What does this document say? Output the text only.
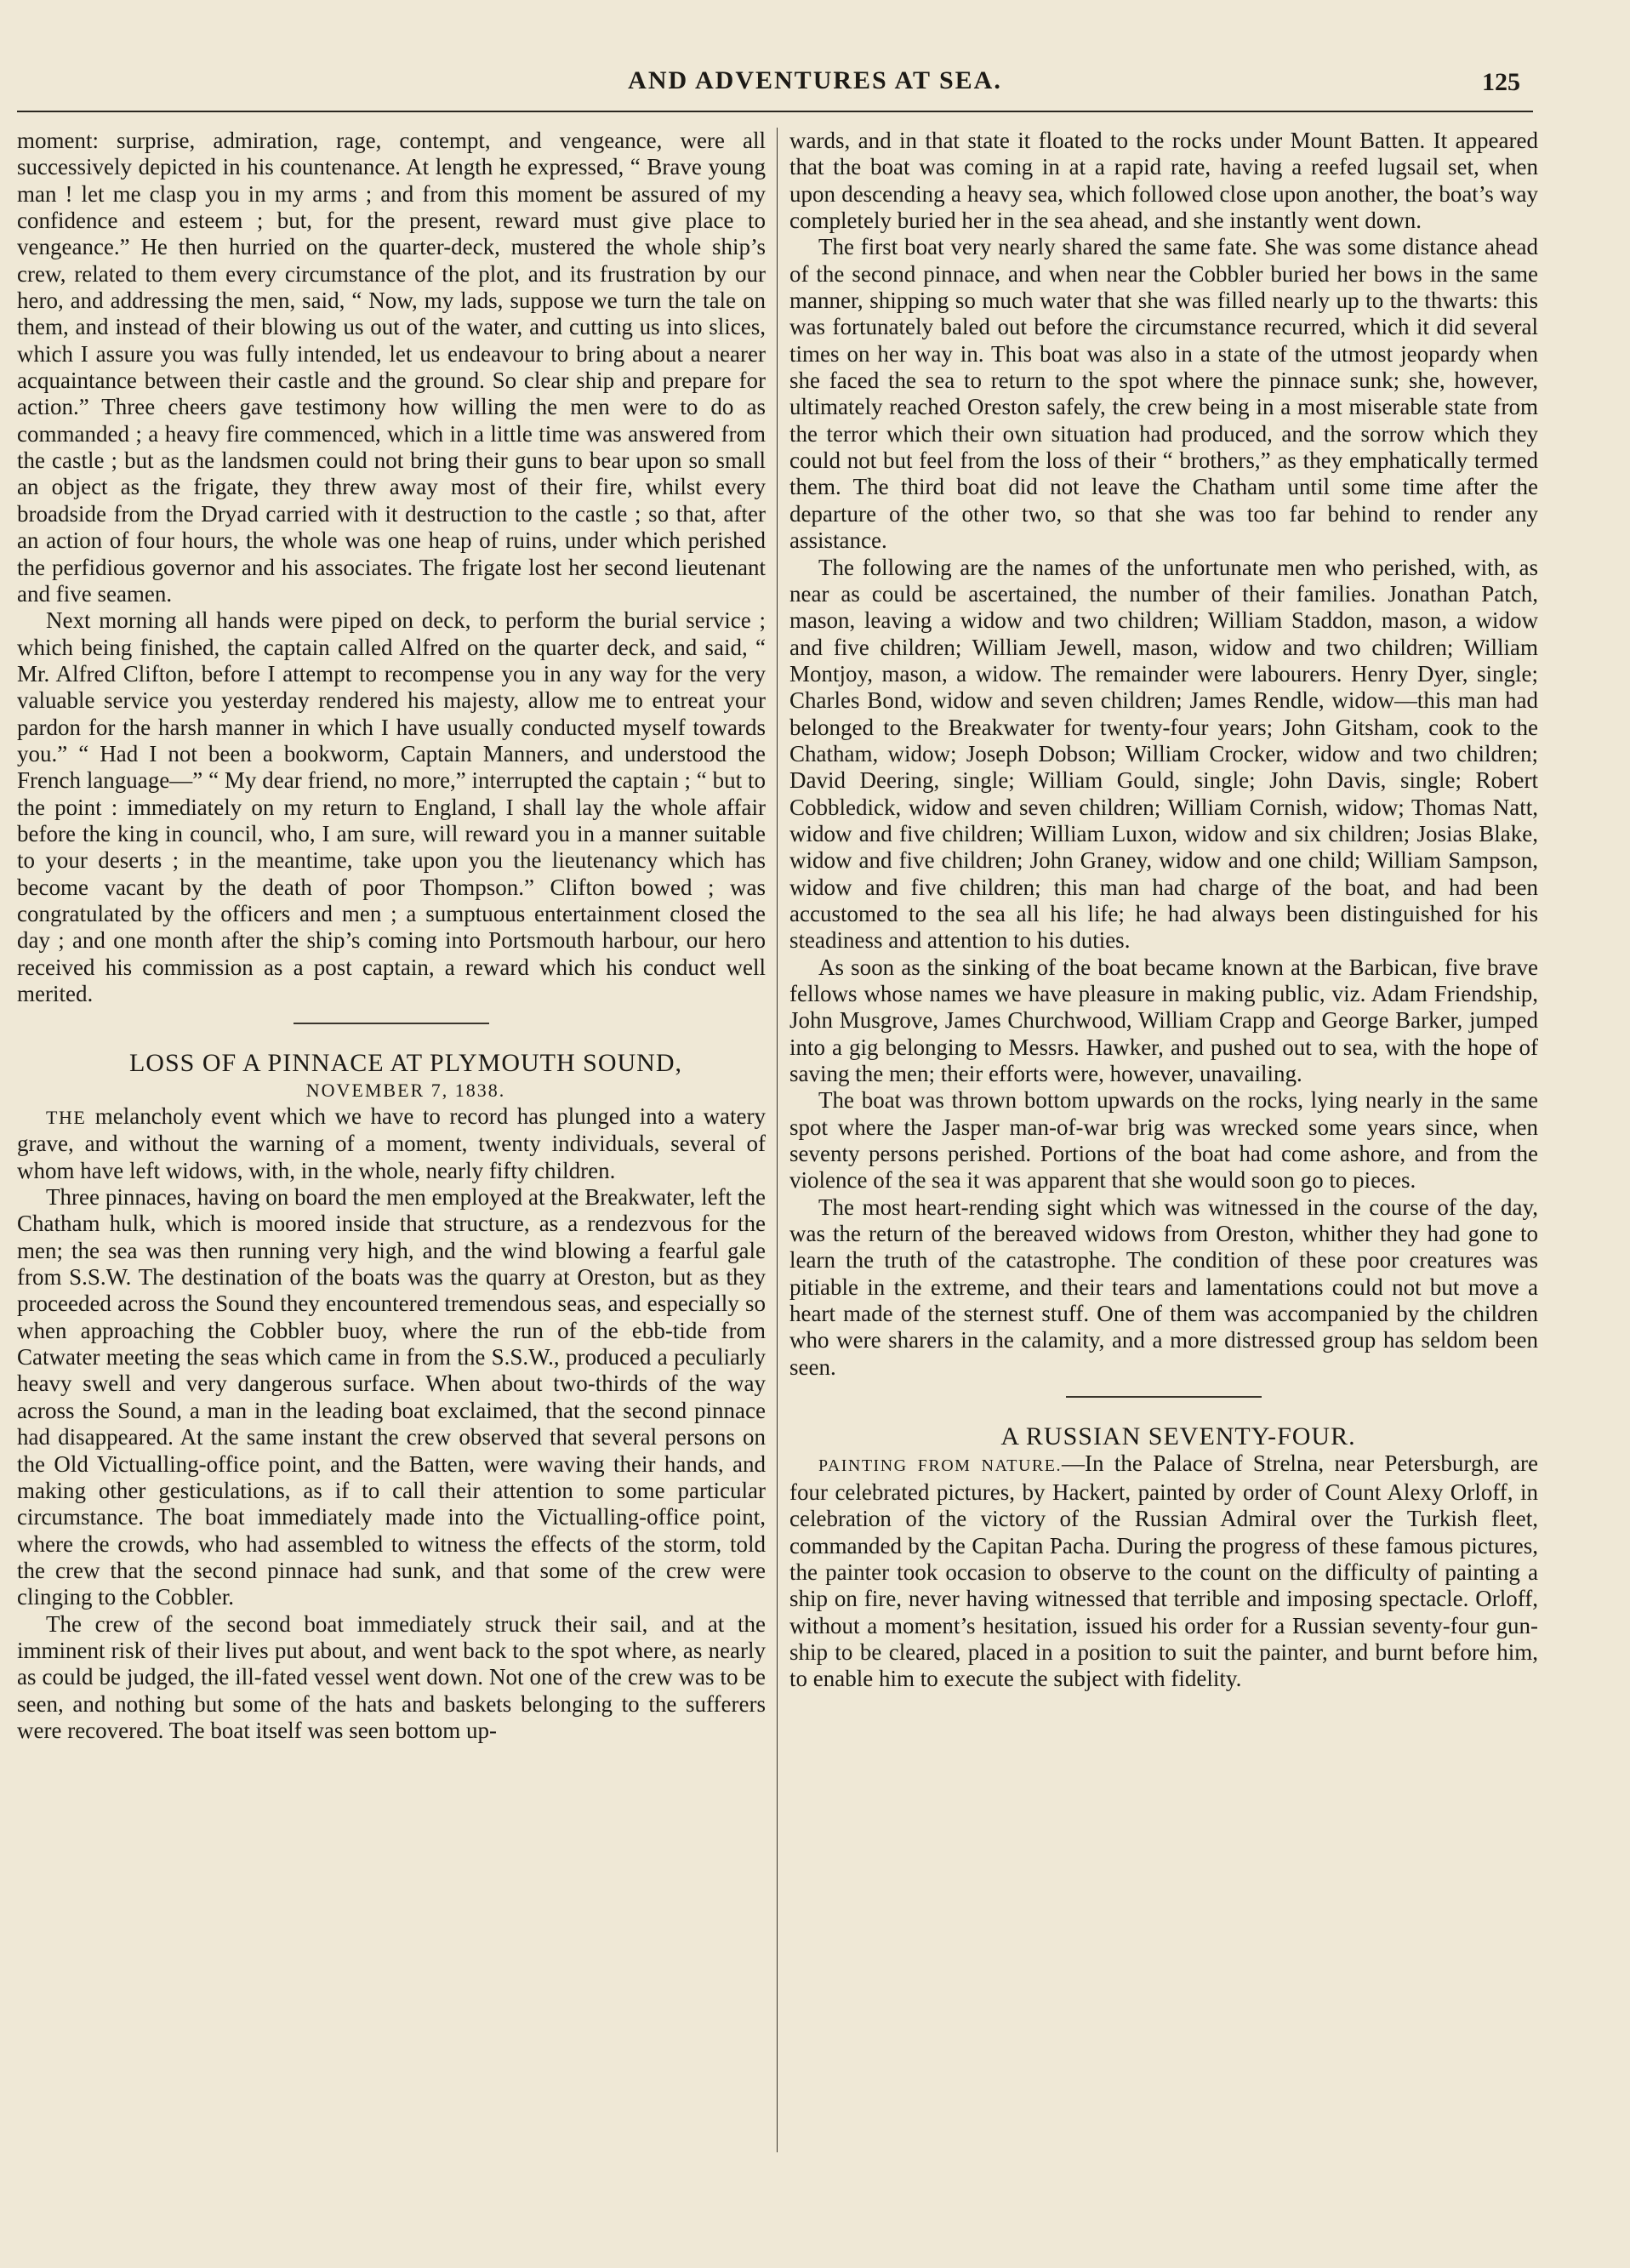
AND ADVENTURES AT SEA.	125

moment: surprise, admiration, rage, contempt, and vengeance, were all successively depicted in his countenance. At length he expressed, “ Brave young man ! let me clasp you in my arms ; and from this moment be assured of my confidence and esteem ; but, for the present, reward must give place to vengeance.” He then hurried on the quarter-deck, mustered the whole ship’s crew, related to them every circumstance of the plot, and its frustration by our hero, and addressing the men, said, “ Now, my lads, suppose we turn the tale on them, and instead of their blowing us out of the water, and cutting us into slices, which I assure you was fully intended, let us endeavour to bring about a nearer acquaintance between their castle and the ground. So clear ship and prepare for action.” Three cheers gave testimony how willing the men were to do as commanded ; a heavy fire commenced, which in a little time was answered from the castle ; but as the landsmen could not bring their guns to bear upon so small an object as the frigate, they threw away most of their fire, whilst every broadside from the Dryad carried with it destruction to the castle ; so that, after an action of four hours, the whole was one heap of ruins, under which perished the perfidious governor and his associates. The frigate lost her second lieutenant and five seamen.

Next morning all hands were piped on deck, to perform the burial service ; which being finished, the captain called Alfred on the quarter deck, and said, “ Mr. Alfred Clifton, before I attempt to recompense you in any way for the very valuable service you yesterday rendered his majesty, allow me to entreat your pardon for the harsh manner in which I have usually conducted myself towards you.” “ Had I not been a bookworm, Captain Manners, and understood the French language—” “ My dear friend, no more,” interrupted the captain ; “ but to the point : immediately on my return to England, I shall lay the whole affair before the king in council, who, I am sure, will reward you in a manner suitable to your deserts ; in the meantime, take upon you the lieutenancy which has become vacant by the death of poor Thompson.” Clifton bowed ; was congratulated by the officers and men ; a sumptuous entertainment closed the day ; and one month after the ship’s coming into Portsmouth harbour, our hero received his commission as a post captain, a reward which his conduct well merited.

LOSS OF A PINNACE AT PLYMOUTH SOUND,

NOVEMBER 7, 1838.

THE melancholy event which we have to record has plunged into a watery grave, and without the warning of a moment, twenty individuals, several of whom have left widows, with, in the whole, nearly fifty children.

Three pinnaces, having on board the men employed at the Breakwater, left the Chatham hulk, which is moored inside that structure, as a rendezvous for the men; the sea was then running very high, and the wind blowing a fearful gale from S.S.W. The destination of the boats was the quarry at Oreston, but as they proceeded across the Sound they encountered tremendous seas, and especially so when approaching the Cobbler buoy, where the run of the ebb-tide from Catwater meeting the seas which came in from the S.S.W., produced a peculiarly heavy swell and very dangerous surface. When about two-thirds of the way across the Sound, a man in the leading boat exclaimed, that the second pinnace had disappeared. At the same instant the crew observed that several persons on the Old Victualling-office point, and the Batten, were waving their hands, and making other gesticulations, as if to call their attention to some particular circumstance. The boat immediately made into the Victualling-office point, where the crowds, who had assembled to witness the effects of the storm, told the crew that the second pinnace had sunk, and that some of the crew were clinging to the Cobbler.

The crew of the second boat immediately struck their sail, and at the imminent risk of their lives put about, and went back to the spot where, as nearly as could be judged, the ill-fated vessel went down. Not one of the crew was to be seen, and nothing but some of the hats and baskets belonging to the sufferers were recovered. The boat itself was seen bottom up-

wards, and in that state it floated to the rocks under Mount Batten. It appeared that the boat was coming in at a rapid rate, having a reefed lugsail set, when upon descending a heavy sea, which followed close upon another, the boat’s way completely buried her in the sea ahead, and she instantly went down.

The first boat very nearly shared the same fate. She was some distance ahead of the second pinnace, and when near the Cobbler buried her bows in the same manner, shipping so much water that she was filled nearly up to the thwarts: this was fortunately baled out before the circumstance recurred, which it did several times on her way in. This boat was also in a state of the utmost jeopardy when she faced the sea to return to the spot where the pinnace sunk; she, however, ultimately reached Oreston safely, the crew being in a most miserable state from the terror which their own situation had produced, and the sorrow which they could not but feel from the loss of their “ brothers,” as they emphatically termed them. The third boat did not leave the Chatham until some time after the departure of the other two, so that she was too far behind to render any assistance.

The following are the names of the unfortunate men who perished, with, as near as could be ascertained, the number of their families. Jonathan Patch, mason, leaving a widow and two children; William Staddon, mason, a widow and five children; William Jewell, mason, widow and two children; William Montjoy, mason, a widow. The remainder were labourers. Henry Dyer, single; Charles Bond, widow and seven children; James Rendle, widow—this man had belonged to the Breakwater for twenty-four years; John Gitsham, cook to the Chatham, widow; Joseph Dobson; William Crocker, widow and two children; David Deering, single; William Gould, single; John Davis, single; Robert Cobbledick, widow and seven children; William Cornish, widow; Thomas Natt, widow and five children; William Luxon, widow and six children; Josias Blake, widow and five children; John Graney, widow and one child; William Sampson, widow and five children; this man had charge of the boat, and had been accustomed to the sea all his life; he had always been distinguished for his steadiness and attention to his duties.

As soon as the sinking of the boat became known at the Barbican, five brave fellows whose names we have pleasure in making public, viz. Adam Friendship, John Musgrove, James Churchwood, William Crapp and George Barker, jumped into a gig belonging to Messrs. Hawker, and pushed out to sea, with the hope of saving the men; their efforts were, however, unavailing.

The boat was thrown bottom upwards on the rocks, lying nearly in the same spot where the Jasper man-of-war brig was wrecked some years since, when seventy persons perished. Portions of the boat had come ashore, and from the violence of the sea it was apparent that she would soon go to pieces.

The most heart-rending sight which was witnessed in the course of the day, was the return of the bereaved widows from Oreston, whither they had gone to learn the truth of the catastrophe. The condition of these poor creatures was pitiable in the extreme, and their tears and lamentations could not but move a heart made of the sternest stuff. One of them was accompanied by the children who were sharers in the calamity, and a more distressed group has seldom been seen.

A RUSSIAN SEVENTY-FOUR.

PAINTING FROM NATURE.—In the Palace of Strelna, near Petersburgh, are four celebrated pictures, by Hackert, painted by order of Count Alexy Orloff, in celebration of the victory of the Russian Admiral over the Turkish fleet, commanded by the Capitan Pacha. During the progress of these famous pictures, the painter took occasion to observe to the count on the difficulty of painting a ship on fire, never having witnessed that terrible and imposing spectacle. Orloff, without a moment’s hesitation, issued his order for a Russian seventy-four gun-ship to be cleared, placed in a position to suit the painter, and burnt before him, to enable him to execute the subject with fidelity.
